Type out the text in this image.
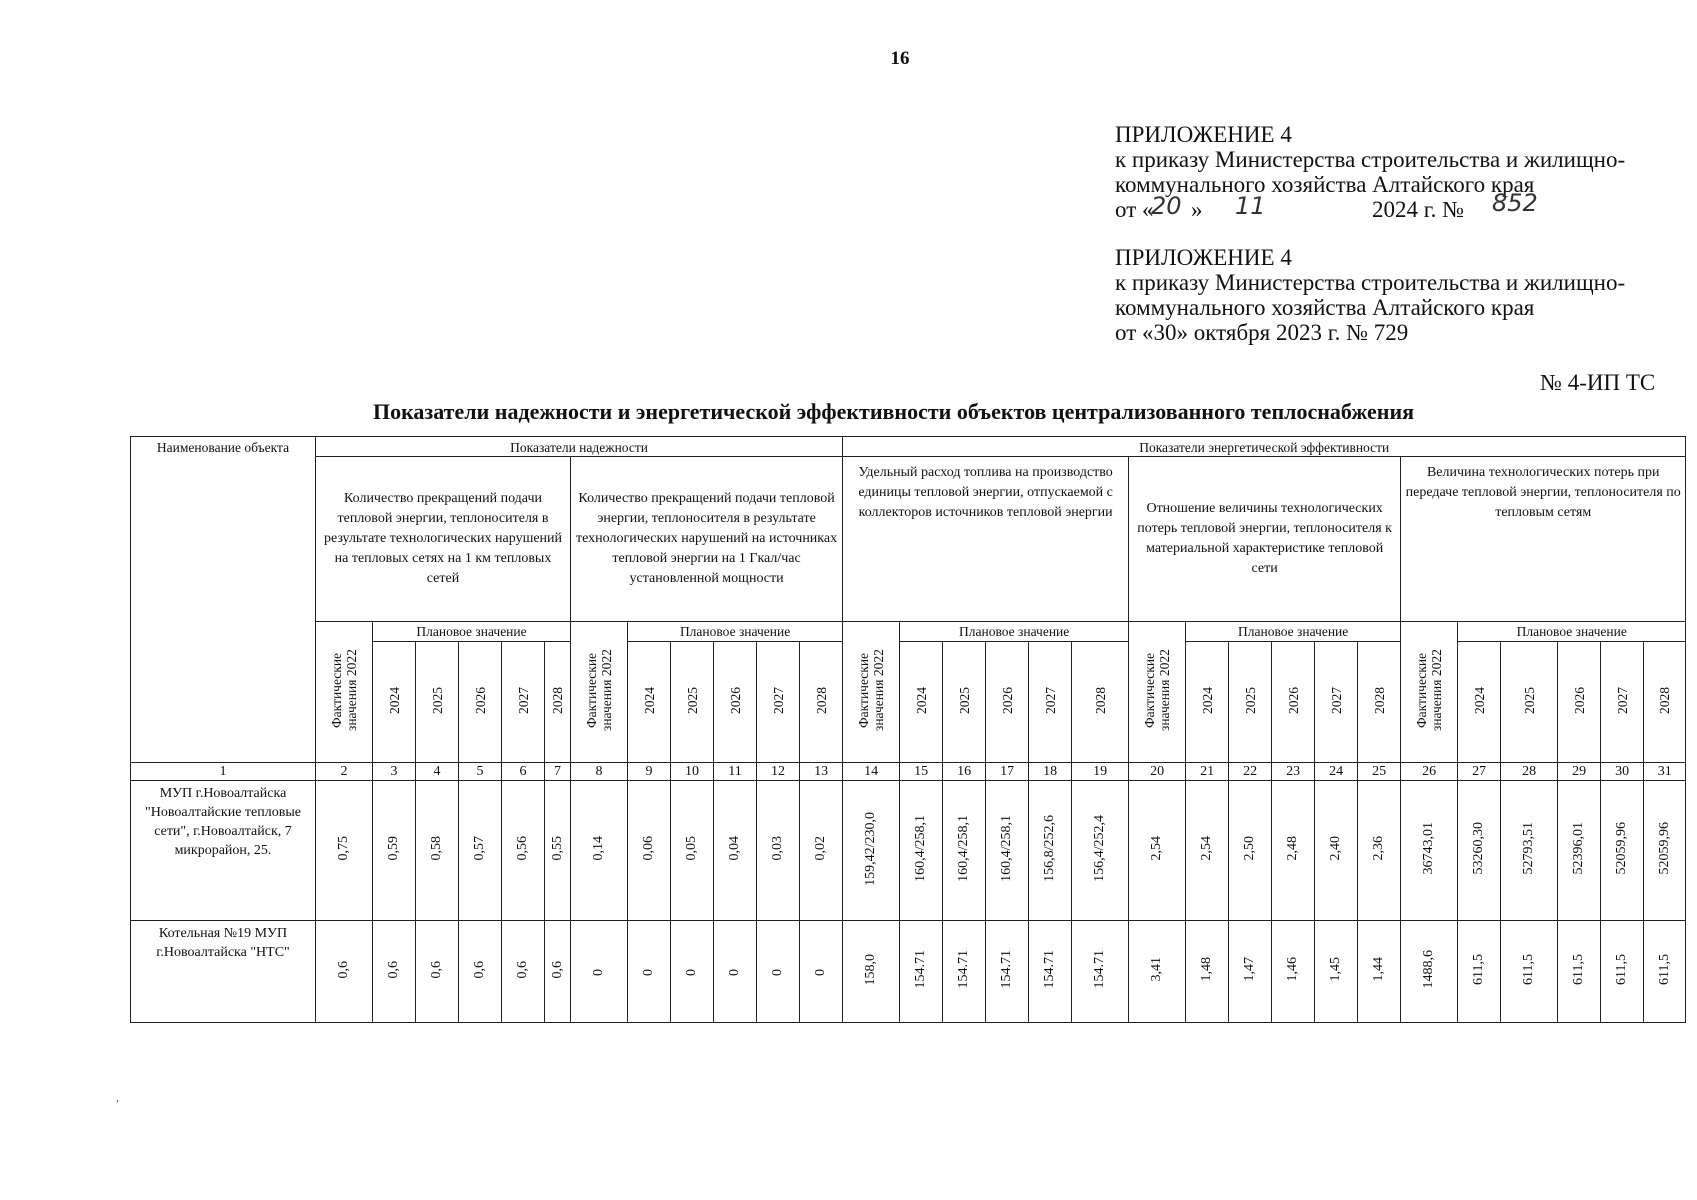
16
ПРИЛОЖЕНИЕ 4
к приказу Министерства строительства и жилищно-
коммунального хозяйства Алтайского края
от «
20 » 11	2024 г. № 852
ПРИЛОЖЕНИЕ 4
к приказу Министерства строительства и жилищно-
коммунального хозяйства Алтайского края
от «30» октября 2023 г. № 729
№ 4-ИП ТС
Показатели надежности и энергетической эффективности объектов централизованного теплоснабжения
Наименование объекта	Показатели надежности												Показатели энергетической эффективности																	
	Количество прекращений подачи тепловой энергии, теплоносителя в результате технологических нарушений на тепловых сетях на 1 км тепловых сетей						Количество прекращений подачи тепловой энергии, теплоносителя в результате технологических нарушений на источниках тепловой энергии на 1 Гкал/час установленной мощности						Удельный расход топлива на производство единицы тепловой энергии, отпускаемой с коллекторов источников тепловой энергии						Отношение величины технологических потерь тепловой энергии, теплоносителя к материальной характеристике тепловой сети						Величина технологических потерь при передаче тепловой энергии, теплоносителя по тепловым сетям					
	Фактические значения 2022	Плановое значение					Фактические значения 2022	Плановое значение					Фактические значения 2022	Плановое значение					Фактические значения 2022	Плановое значение					Фактические значения 2022	Плановое значение				
		2024	2025	2026	2027	2028		2024	2025	2026	2027	2028		2024	2025	2026	2027	2028		2024	2025	2026	2027	2028		2024	2025	2026	2027	2028
1	2	3	4	5	6	7	8	9	10	11	12	13	14	15	16	17	18	19	20	21	22	23	24	25	26	27	28	29	30	31
МУП г.Новоалтайска "Новоалтайские тепловые сети", г.Новоалтайск, 7 микрорайон, 25.	0,75	0,59	0,58	0,57	0,56	0,55	0,14	0,06	0,05	0,04	0,03	0,02	159,42/230,0	160,4/258,1	160,4/258,1	160,4/258,1	156,8/252,6	156,4/252,4	2,54	2,54	2,50	2,48	2,40	2,36	36743,01	53260,30	52793,51	52396,01	52059,96	52059,96
Котельная №19 МУП г.Новоалтайска "НТС"	0,6	0,6	0,6	0,6	0,6	0,6	0	0	0	0	0	0	158,0	154.71	154.71	154.71	154.71	154.71	3,41	1,48	1,47	1,46	1,45	1,44	1488,6	611,5	611,5	611,5	611,5	611,5
,
